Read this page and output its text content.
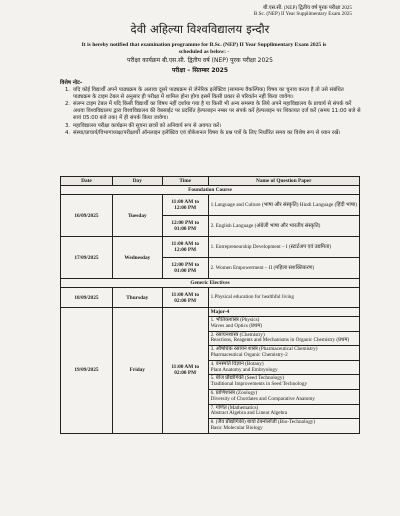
बी.एस.सी. (NEP) द्वितीय वर्ष पूरक परीक्षा 2025
B.Sc. (NEP) II Year Supplimentary Exam 2025
देवी अहिल्या विश्वविद्यालय इन्दौर
It is hereby notified that examination programme for B.Sc. (NEP) II Year Supplimentary Exam 2025 is
scheduled as below: -
परीक्षा कार्यक्रम बी.एस.सी. द्वितीय वर्ष (NEP) पूरक परीक्षा 2025
परीक्षा – सितम्बर 2025
विशेष नोट–
1. यदि कोई विद्यार्थी अपने पाठ्यक्रम के अलावा दूसरे पाठ्यक्रम से जेनेरिक इलेक्टिव (सामान्य वैकल्पिक) विषय का चुनाव करता है तो उसे संबंधित पाठ्यक्रम के टाइम टेबल से अनुसार ही परीक्षा में शामिल होना होगा इसमें किसी प्रकार से परिवर्तन नहीं किया जावेगा।
2. संलग्न टाइम टेबल में यदि किसी विद्यार्थी का विषय नहीं दर्शाया गया है या किसी भी अन्य समस्या के लिये अपने महाविद्यालय के प्राचार्य से संपर्क करें अथवा विश्वविद्यालय द्वारा विश्वविद्यालय की वेबसाईट पर प्रदर्शित हेल्पलाइन नम्बर पर संपर्क करें हेल्पलाइन पर शिकायत दर्ज करें (समय 11:00 बजे से सायं 05:00 बजे तक) में ही संपर्क किया जावेगा।
3. महाविद्यालय परीक्षा कार्यक्रम की सूचना छात्रों को अनिवार्य रूप से अवगत करें।
4. संस्था/प्राचार्य/विभागाध्यक्ष/परीक्षार्थी ऑनलाइन इलेक्टिव एवं वोकेशनल विषय के प्रश्न पत्रों के लिए निर्धारित समय का विशेष रूप से ध्यान रखें।
Date	Day	Time	Name of Question Paper
Foundation Course			
16/09/2025	Tuesday	11:00 AM to 12:00 PM	1.Language and Culture (भाषा और संस्कृति) Hindi Language (हिंदी भाषा)
		12:00 PM to 01:00 PM	2. English Language (अंग्रेजी भाषा और भारतीय संस्कृति)
17/09/2025	Wednesday	11:00 AM to 12:00 PM	1. Entrepreneurship Development – I (स्टार्टअप एवं उद्यमिता)
		12:00 PM to 01:00 PM	2. Women Empowerment – II (महिला सशक्तिकरण)
Generic Electives			
18/09/2025	Thursday	11:00 AM to 02:00 PM	1.Physical education for healthful living
19/09/2025	Friday	11:00 AM to 02:00 PM	Major-4
			1. भौतिकशास्त्र (Physics)
Waves and Optics (प्रथम)

			2. रसायनशास्त्र (Chemistry)
Reactions, Reagents and Mechanisms in Organic Chemistry (प्रथम)

			3. औषधिक रसायन शास्त्र (Pharmaceutical Chemistry)
Pharmaceutical Organic Chemistry-2

			4. वनस्पति विज्ञान (Botany)
Plant Anatomy and Embryology

			5. बीज प्रौद्योगिकी (Seed Technology)
Traditional Improvements in Seed Technology

			6. प्राणिशास्त्र (Zoology)
Diversity of Chordates and Comparative Anatomy

			7. गणित (Mathematics)
Abstract Algebra and Linear Algebra

			8. (जैव प्रौद्योगिकी) बायो टेक्नोलॉजी (Bio-Technology)
Basic Molecular Biology
